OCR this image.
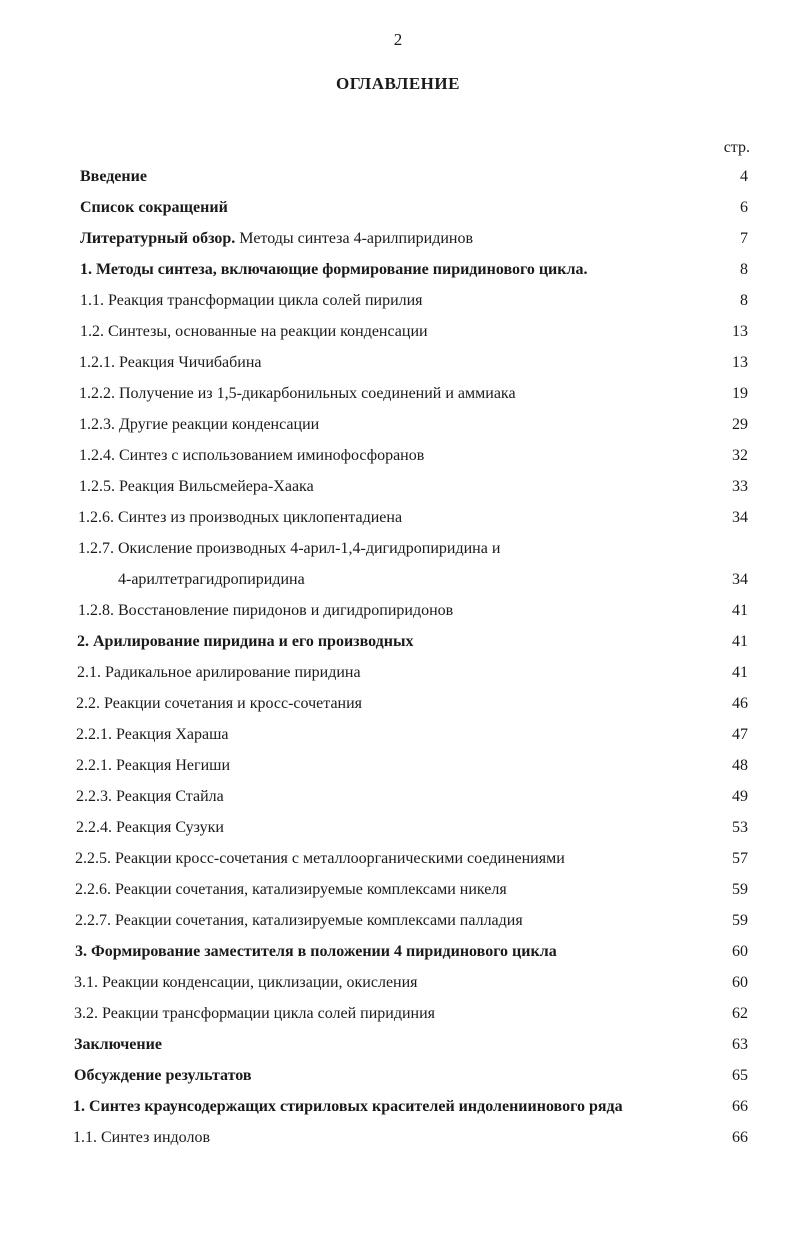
2
ОГЛАВЛЕНИЕ
стр.
Введение	4
Список сокращений	6
Литературный обзор. Методы синтеза 4-арилпиридинов	7
1. Методы синтеза, включающие формирование пиридинового цикла.	8
1.1. Реакция трансформации цикла солей пирилия	8
1.2. Синтезы, основанные на реакции конденсации	13
1.2.1. Реакция Чичибабина	13
1.2.2. Получение из 1,5-дикарбонильных соединений и аммиака	19
1.2.3. Другие реакции конденсации	29
1.2.4. Синтез с использованием иминофосфоранов	32
1.2.5. Реакция Вильсмейера-Хаака	33
1.2.6. Синтез из производных циклопентадиена	34
1.2.7. Окисление производных 4-арил-1,4-дигидропиридина и
4-арилтетрагидропиридина	34
1.2.8. Восстановление пиридонов и дигидропиридонов	41
2. Арилирование пиридина и его производных	41
2.1. Радикальное арилирование пиридина	41
2.2. Реакции сочетания и кросс-сочетания	46
2.2.1. Реакция Хараша	47
2.2.1. Реакция Негиши	48
2.2.3. Реакция Стайла	49
2.2.4. Реакция Сузуки	53
2.2.5. Реакции кросс-сочетания с металлоорганическими соединениями	57
2.2.6. Реакции сочетания, катализируемые комплексами никеля	59
2.2.7. Реакции сочетания, катализируемые комплексами палладия	59
3. Формирование заместителя в положении 4 пиридинового цикла	60
3.1. Реакции конденсации, циклизации, окисления	60
3.2. Реакции трансформации цикла солей пиридиния	62
Заключение	63
Обсуждение результатов	65
1. Синтез краунсодержащих стириловых красителей индолениинового ряда	66
1.1. Синтез индолов	66
